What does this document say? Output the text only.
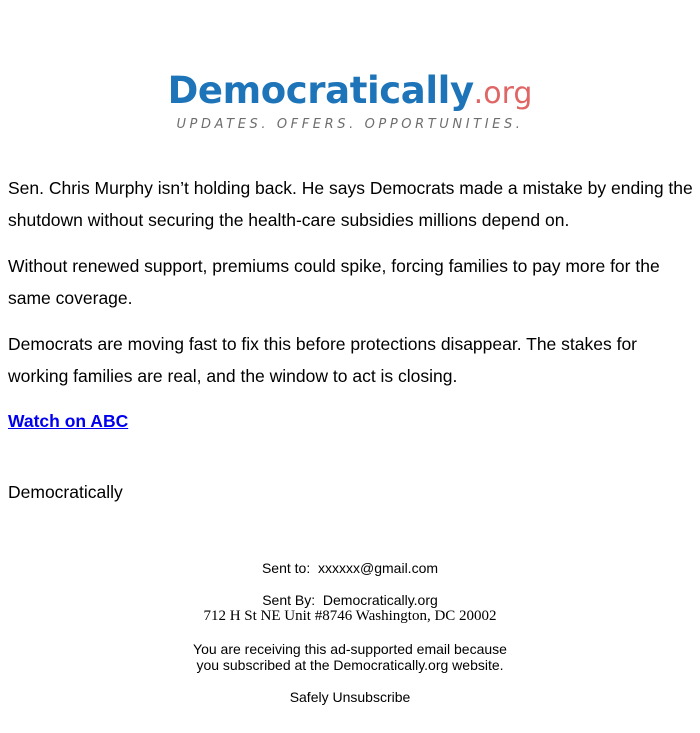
Democratically.org
UPDATES. OFFERS. OPPORTUNITIES.

Sen. Chris Murphy isn’t holding back. He says Democrats made a mistake by ending the shutdown without securing the health-care subsidies millions depend on.

Without renewed support, premiums could spike, forcing families to pay more for the same coverage.

Democrats are moving fast to fix this before protections disappear. The stakes for working families are real, and the window to act is closing.

Watch on ABC
Democratically

Sent to: xxxxxx@gmail.com

Sent By: Democratically.org

712 H St NE Unit #8746 Washington, DC 20002

You are receiving this ad-supported email because

you subscribed at the Democratically.org website.

Safely Unsubscribe
